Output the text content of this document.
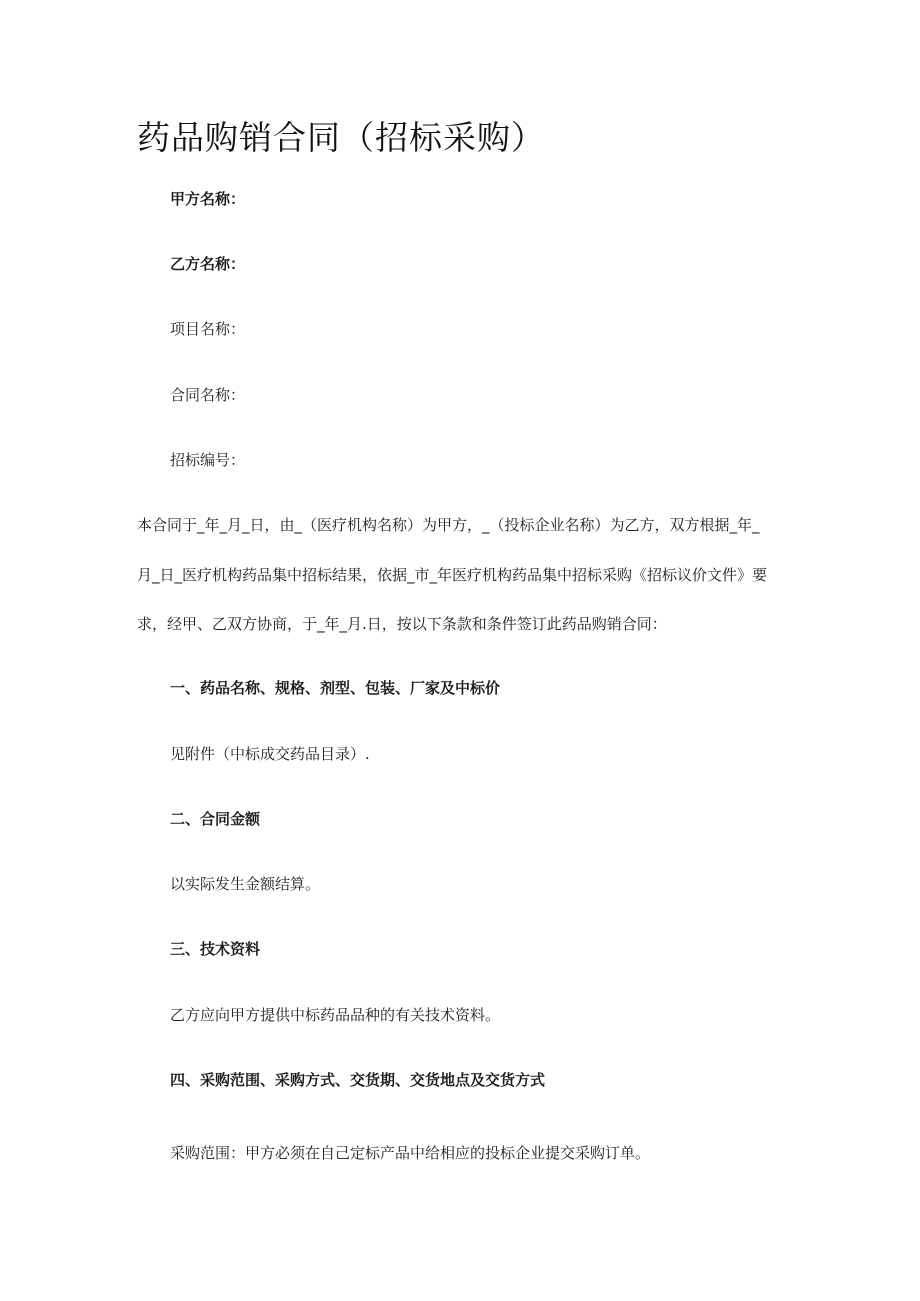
药品购销合同（招标采购）
甲方名称：
乙方名称：
项目名称：
合同名称：
招标编号：
本合同于_年_月_日，由_（医疗机构名称）为甲方，_（投标企业名称）为乙方，双方根据_年_
月_日_医疗机构药品集中招标结果，依据_市_年医疗机构药品集中招标采购《招标议价文件》要
求，经甲、乙双方协商，于_年_月.日，按以下条款和条件签订此药品购销合同：
一、药品名称、规格、剂型、包装、厂家及中标价
见附件（中标成交药品目录）.
二、合同金额
以实际发生金额结算。
三、技术资料
乙方应向甲方提供中标药品品种的有关技术资料。
四、采购范围、采购方式、交货期、交货地点及交货方式
采购范围：甲方必须在自己定标产品中给相应的投标企业提交采购订单。
